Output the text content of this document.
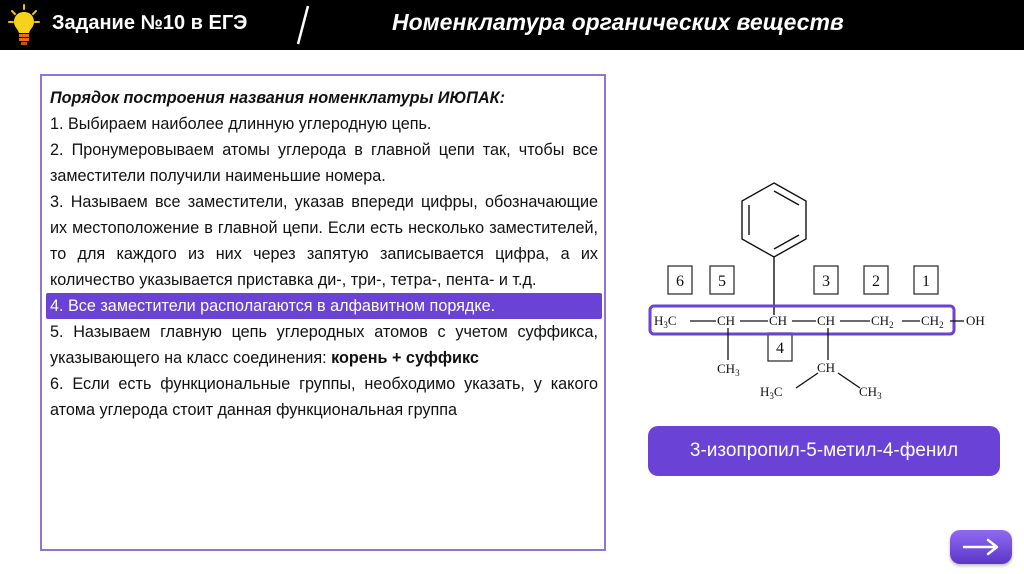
Задание №10 в ЕГЭ	Номенклатура органических веществ

Порядок построения названия номенклатуры ИЮПАК:

1. Выбираем наиболее длинную углеродную цепь.

2. Пронумеровываем атомы углерода в главной цепи так, чтобы все заместители получили наименьшие номера.

3. Называем все заместители, указав впереди цифры, обозначающие их местоположение в главной цепи. Если есть несколько заместителей, то для каждого из них через запятую записывается цифра, а их количество указывается приставка ди-, три-, тетра-, пента- и т.д.

4. Все заместители располагаются в алфавитном порядке.

5. Называем главную цепь углеродных атомов с учетом суффикса, указывающего на класс соединения: корень + суффикс

6. Если есть функциональные группы, необходимо указать, у какого атома углерода стоит данная функциональная группа

6 5	3	2	1
4
$H_3C$	CH	CH CH	$CH_2$ $CH_2$ OH
$CH_3$	CH
$H_3C$	$CH_3$
3-изопропил-5-метил-4-фенил
